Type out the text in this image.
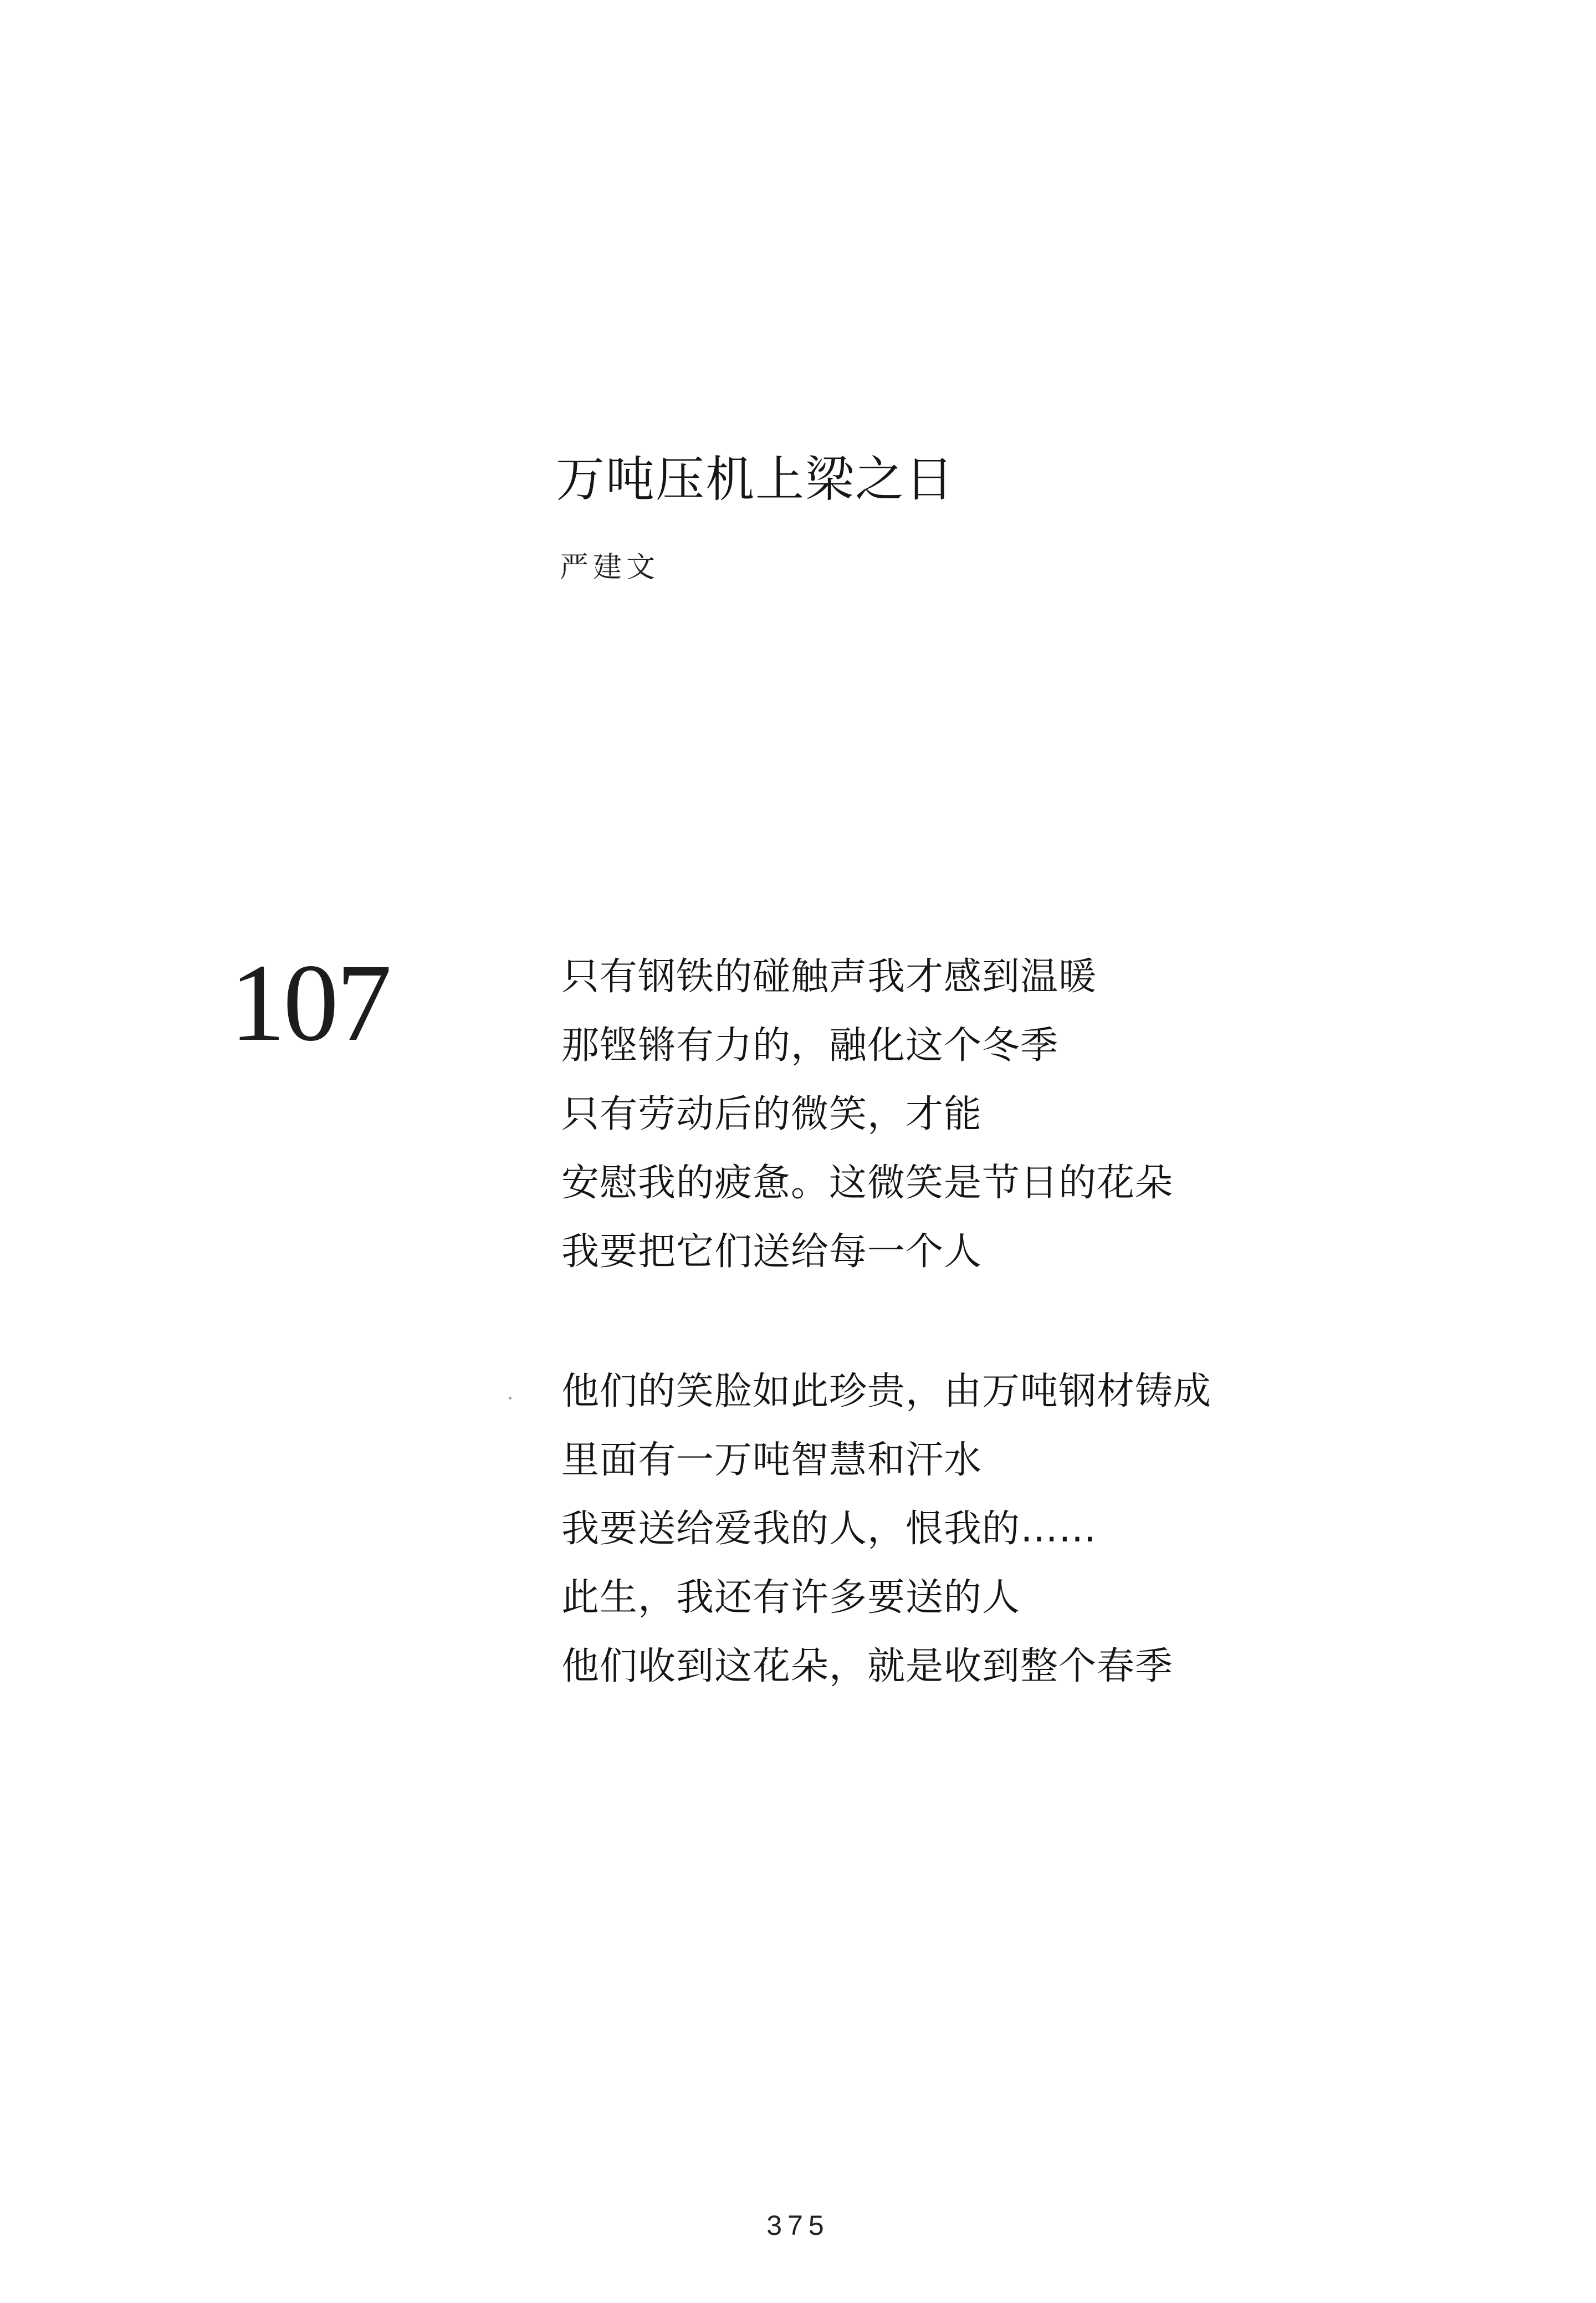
万吨压机上梁之日
严建文
107	只有钢铁的碰触声我才感到温暖
那铿锵有力的，融化这个冬季
只有劳动后的微笑，才能
安慰我的疲惫。这微笑是节日的花朵
我要把它们送给每一个人
他们的笑脸如此珍贵，由万吨钢材铸成
里面有一万吨智慧和汗水
我要送给爱我的人，恨我的……
此生，我还有许多要送的人
他们收到这花朵，就是收到整个春季
375
